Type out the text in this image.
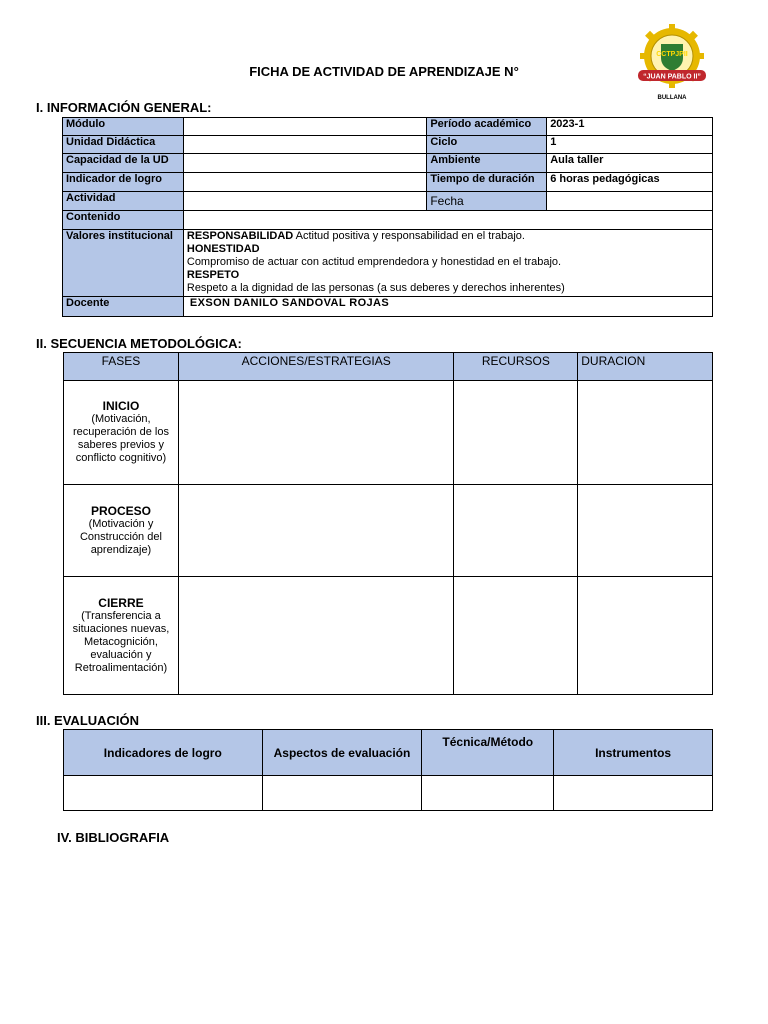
CCTPJPII
“JUAN PABLO II”
BULLANA
FICHA DE ACTIVIDAD DE APRENDIZAJE N°
I. INFORMACIÓN GENERAL:
Módulo		Período académico	2023-1
Unidad Didáctica		Ciclo	1
Capacidad de la UD		Ambiente	Aula taller
Indicador de logro		Tiempo de duración	6 horas pedagógicas
Actividad		Fecha	
Contenido			
Valores institucional	RESPONSABILIDAD Actitud positiva y responsabilidad en el trabajo.
HONESTIDAD
Compromiso de actuar con actitud emprendedora y honestidad en el trabajo.
RESPETO
Respeto a la dignidad de las personas (a sus deberes y derechos inherentes)		
Docente	EXSON DANILO SANDOVAL ROJAS		
II. SECUENCIA METODOLÓGICA:
FASES	ACCIONES/ESTRATEGIAS	RECURSOS	DURACION

INICIO
(Motivación, recuperación de los saberes previos y conflicto cognitivo)			

PROCESO
(Motivación y Construcción del aprendizaje)			

CIERRE
(Transferencia a situaciones nuevas, Metacognición, evaluación y Retroalimentación)			

III. EVALUACIÓN
Indicadores de logro	Aspectos de evaluación	Técnica/Método	Instrumentos

IV. BIBLIOGRAFIA
